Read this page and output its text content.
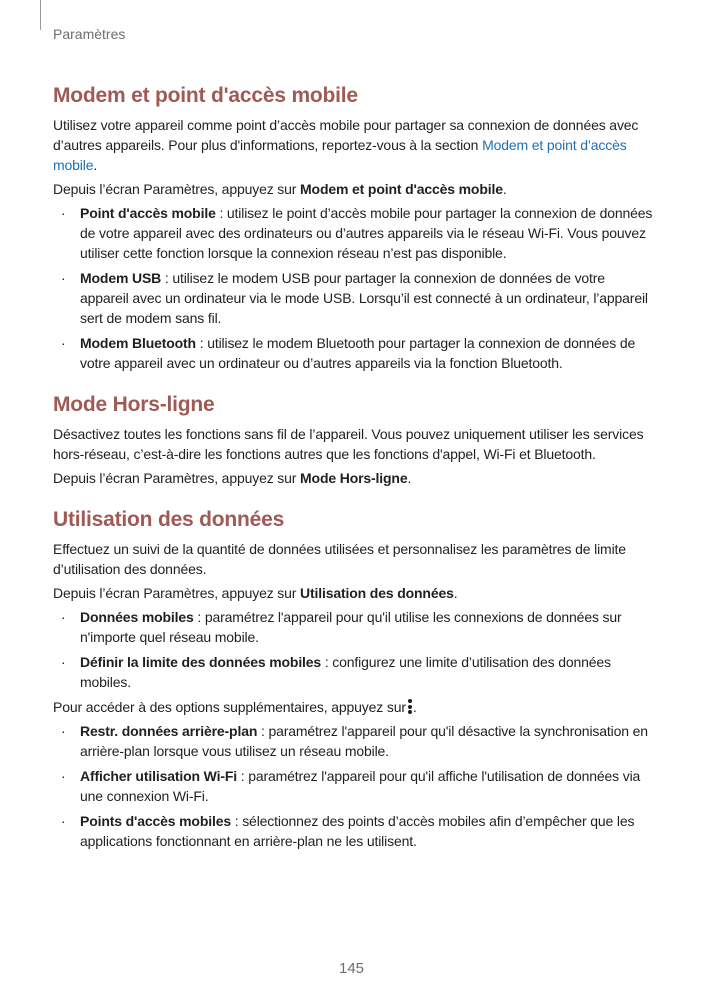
Paramètres
Modem et point d'accès mobile

Utilisez votre appareil comme point d’accès mobile pour partager sa connexion de données avec d’autres appareils. Pour plus d'informations, reportez-vous à la section Modem et point d’accès mobile.

Depuis l’écran Paramètres, appuyez sur Modem et point d'accès mobile.

· Point d'accès mobile : utilisez le point d’accès mobile pour partager la connexion de données de votre appareil avec des ordinateurs ou d’autres appareils via le réseau Wi-Fi. Vous pouvez utiliser cette fonction lorsque la connexion réseau n’est pas disponible.
· Modem USB : utilisez le modem USB pour partager la connexion de données de votre appareil avec un ordinateur via le mode USB. Lorsqu’il est connecté à un ordinateur, l’appareil sert de modem sans fil.
· Modem Bluetooth : utilisez le modem Bluetooth pour partager la connexion de données de votre appareil avec un ordinateur ou d’autres appareils via la fonction Bluetooth.
Mode Hors-ligne

Désactivez toutes les fonctions sans fil de l’appareil. Vous pouvez uniquement utiliser les services hors-réseau, c’est-à-dire les fonctions autres que les fonctions d'appel, Wi-Fi et Bluetooth.

Depuis l’écran Paramètres, appuyez sur Mode Hors-ligne.

Utilisation des données

Effectuez un suivi de la quantité de données utilisées et personnalisez les paramètres de limite d’utilisation des données.

Depuis l’écran Paramètres, appuyez sur Utilisation des données.

· Données mobiles : paramétrez l'appareil pour qu'il utilise les connexions de données sur n'importe quel réseau mobile.
· Définir la limite des données mobiles : configurez une limite d’utilisation des données mobiles.

Pour accéder à des options supplémentaires, appuyez sur .

· Restr. données arrière-plan : paramétrez l'appareil pour qu'il désactive la synchronisation en arrière-plan lorsque vous utilisez un réseau mobile.
· Afficher utilisation Wi-Fi : paramétrez l'appareil pour qu'il affiche l'utilisation de données via une connexion Wi-Fi.
· Points d'accès mobiles : sélectionnez des points d’accès mobiles afin d’empêcher que les applications fonctionnant en arrière-plan ne les utilisent.
145
